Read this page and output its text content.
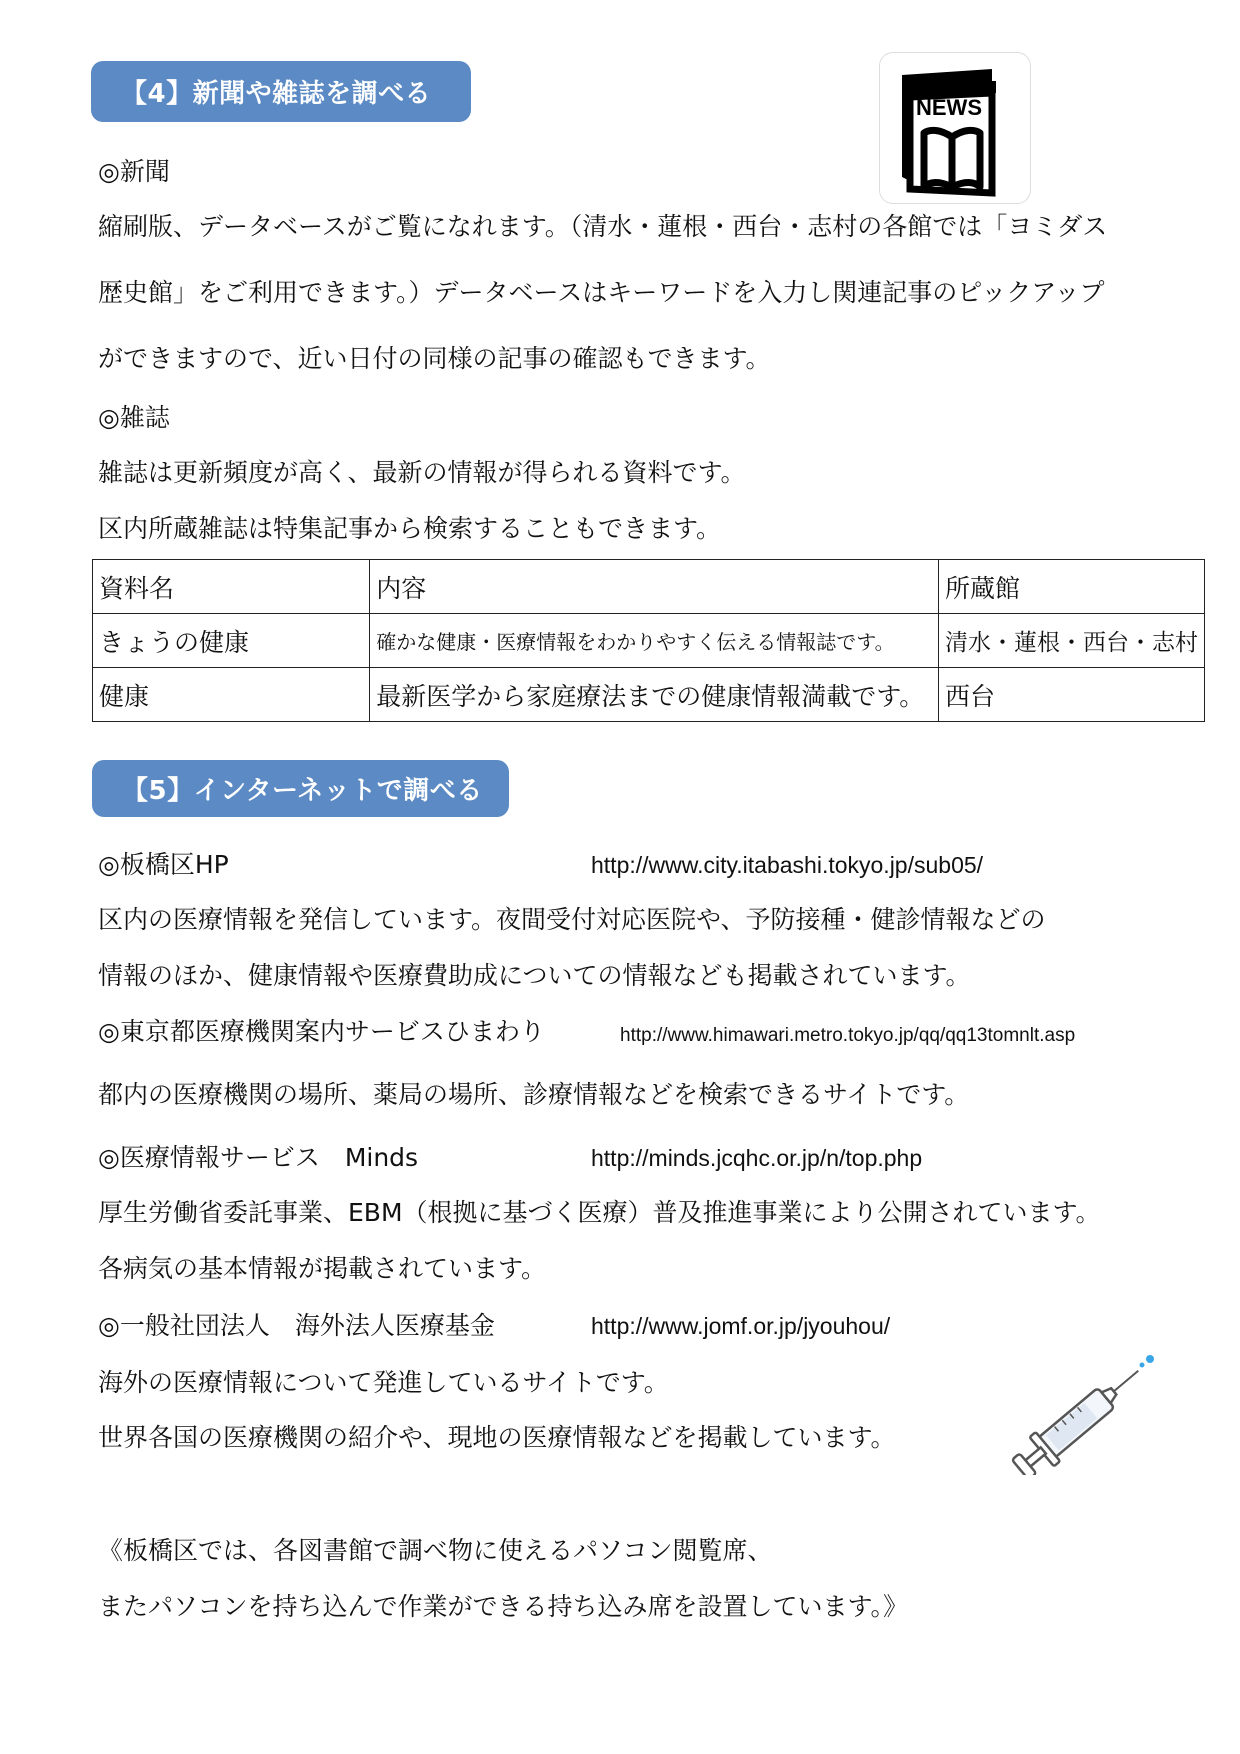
【4】新聞や雑誌を調べる	NEWS
◎新聞
縮刷版、データベースがご覧になれます。（清水・蓮根・西台・志村の各館では「ヨミダス
歴史館」をご利用できます。）データベースはキーワードを入力し関連記事のピックアップ
ができますので、近い日付の同様の記事の確認もできます。
◎雑誌
雑誌は更新頻度が高く、最新の情報が得られる資料です。
区内所蔵雑誌は特集記事から検索することもできます。
資料名	内容	所蔵館
きょうの健康	確かな健康・医療情報をわかりやすく伝える情報誌です。	清水・蓮根・西台・志村
健康	最新医学から家庭療法までの健康情報満載です。	西台
【5】インターネットで調べる
◎板橋区HP	http://www.city.itabashi.tokyo.jp/sub05/
区内の医療情報を発信しています。夜間受付対応医院や、予防接種・健診情報などの
情報のほか、健康情報や医療費助成についての情報なども掲載されています。
◎東京都医療機関案内サービスひまわり	http://www.himawari.metro.tokyo.jp/qq/qq13tomnlt.asp
都内の医療機関の場所、薬局の場所、診療情報などを検索できるサイトです。
◎医療情報サービス　Minds	http://minds.jcqhc.or.jp/n/top.php
厚生労働省委託事業、EBM（根拠に基づく医療）普及推進事業により公開されています。
各病気の基本情報が掲載されています。
◎一般社団法人　海外法人医療基金	http://www.jomf.or.jp/jyouhou/
海外の医療情報について発進しているサイトです。
世界各国の医療機関の紹介や、現地の医療情報などを掲載しています。
《板橋区では、各図書館で調べ物に使えるパソコン閲覧席、
またパソコンを持ち込んで作業ができる持ち込み席を設置しています。》
